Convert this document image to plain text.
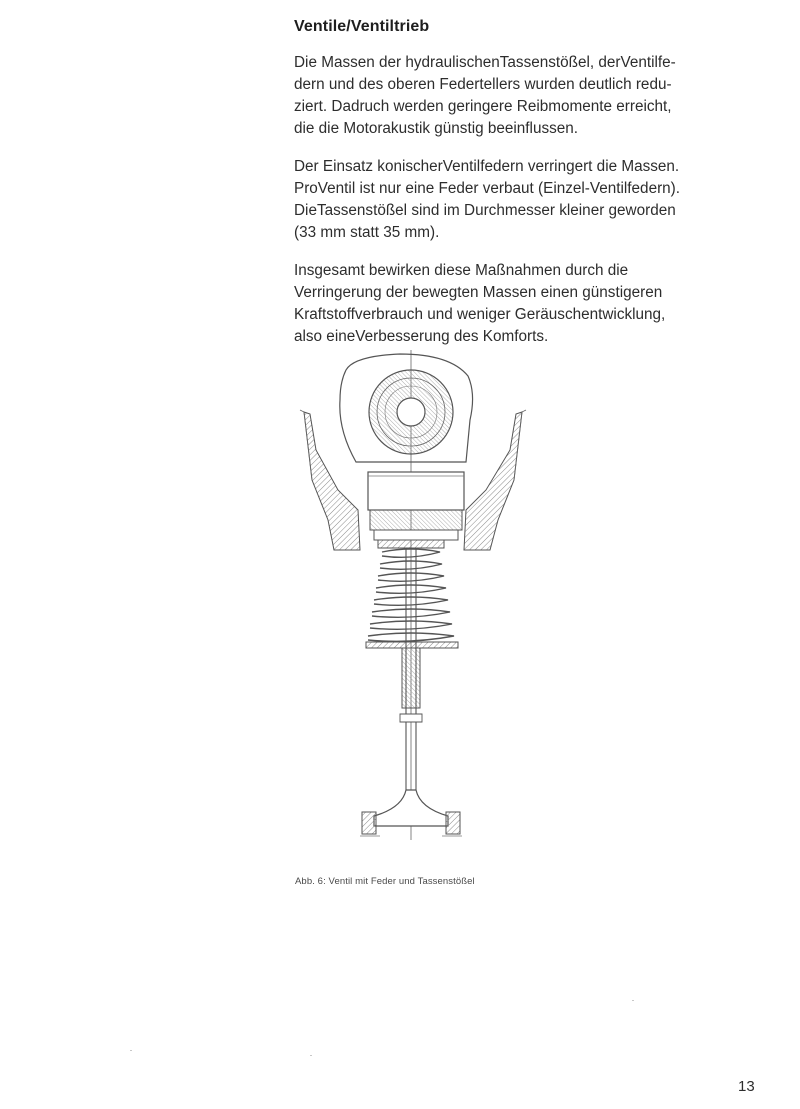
Ventile/Ventiltrieb

Die Massen der hydraulischenTassenstößel, derVentilfe-
dern und des oberen Federtellers wurden deutlich redu-
ziert. Dadruch werden geringere Reibmomente erreicht,
die die Motorakustik günstig beeinflussen.

Der Einsatz konischerVentilfedern verringert die Massen.
ProVentil ist nur eine Feder verbaut (Einzel-Ventilfedern).
DieTassenstößel sind im Durchmesser kleiner geworden
(33 mm statt 35 mm).

Insgesamt bewirken diese Maßnahmen durch die
Verringerung der bewegten Massen einen günstigeren
Kraftstoffverbrauch und weniger Geräuschentwicklung,
also eineVerbesserung des Komforts.

Abb. 6: Ventil mit Feder und Tassenstößel
13
